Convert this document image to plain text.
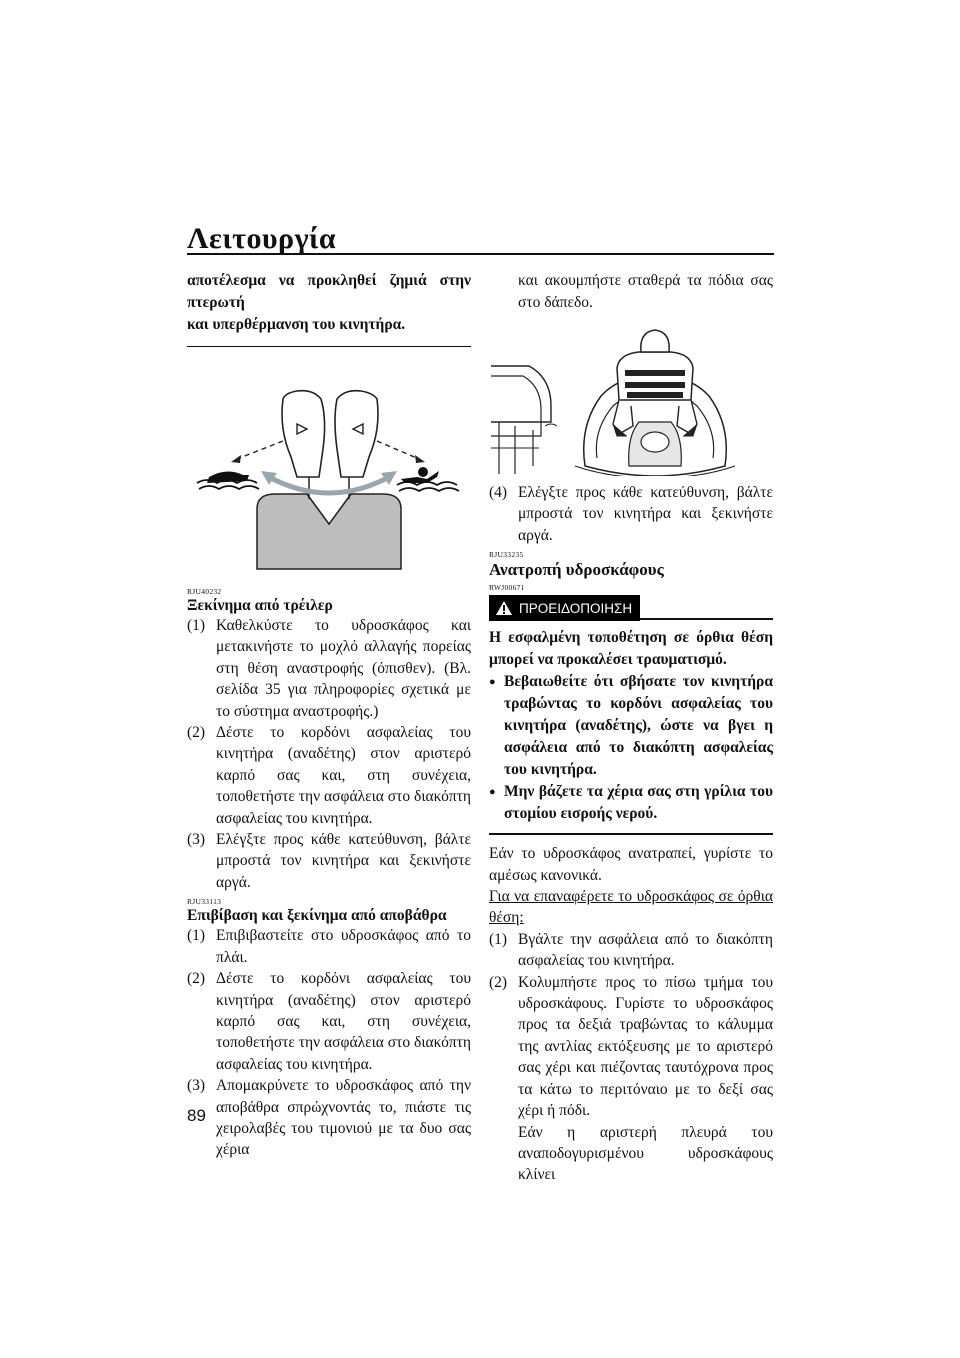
Λειτουργία

αποτέλεσμα να προκληθεί ζημιά στην πτερωτή

και υπερθέρμανση του κινητήρα.

RJU40232
Ξεκίνημα από τρέιλερ
(1) Καθελκύστε το υδροσκάφος και μετακινήστε το μοχλό αλλαγής πορείας στη θέση αναστροφής (όπισθεν). (Βλ. σελίδα 35 για πληροφορίες σχετικά με το σύστημα αναστροφής.)
(2) Δέστε το κορδόνι ασφαλείας του κινητήρα (αναδέτης) στον αριστερό καρπό σας και, στη συνέχεια, τοποθετήστε την ασφάλεια στο διακόπτη ασφαλείας του κινητήρα.
(3) Ελέγξτε προς κάθε κατεύθυνση, βάλτε μπροστά τον κινητήρα και ξεκινήστε αργά.
RJU33113
Επιβίβαση και ξεκίνημα από αποβάθρα
(1) Επιβιβαστείτε στο υδροσκάφος από το πλάι.
(2) Δέστε το κορδόνι ασφαλείας του κινητήρα (αναδέτης) στον αριστερό καρπό σας και, στη συνέχεια, τοποθετήστε την ασφάλεια στο διακόπτη ασφαλείας του κινητήρα.
(3) Απομακρύνετε το υδροσκάφος από την αποβάθρα σπρώχνοντάς το, πιάστε τις χειρολαβές του τιμονιού με τα δυο σας χέρια

και ακουμπήστε σταθερά τα πόδια σας στο δάπεδο.

(4) Ελέγξτε προς κάθε κατεύθυνση, βάλτε μπροστά τον κινητήρα και ξεκινήστε αργά.
RJU33235
Ανατροπή υδροσκάφους
RWJ00671
ΠΡΟΕΙΔΟΠΟΙΗΣΗ

Η εσφαλμένη τοποθέτηση σε όρθια θέση μπορεί να προκαλέσει τραυματισμό.

● Βεβαιωθείτε ότι σβήσατε τον κινητήρα τραβώντας το κορδόνι ασφαλείας του κινητήρα (αναδέτης), ώστε να βγει η ασφάλεια από το διακόπτη ασφαλείας του κινητήρα.
● Μην βάζετε τα χέρια σας στη γρίλια του στομίου εισροής νερού.

Εάν το υδροσκάφος ανατραπεί, γυρίστε το αμέσως κανονικά.

Για να επαναφέρετε το υδροσκάφος σε όρθια θέση:

(1) Βγάλτε την ασφάλεια από το διακόπτη ασφαλείας του κινητήρα.
(2) Κολυμπήστε προς το πίσω τμήμα του υδροσκάφους. Γυρίστε το υδροσκάφος προς τα δεξιά τραβώντας το κάλυμμα της αντλίας εκτόξευσης με το αριστερό σας χέρι και πιέζοντας ταυτόχρονα προς τα κάτω το περιτόναιο με το δεξί σας χέρι ή πόδι.

Εάν η αριστερή πλευρά του αναποδογυρισμένου υδροσκάφους κλίνει

89
